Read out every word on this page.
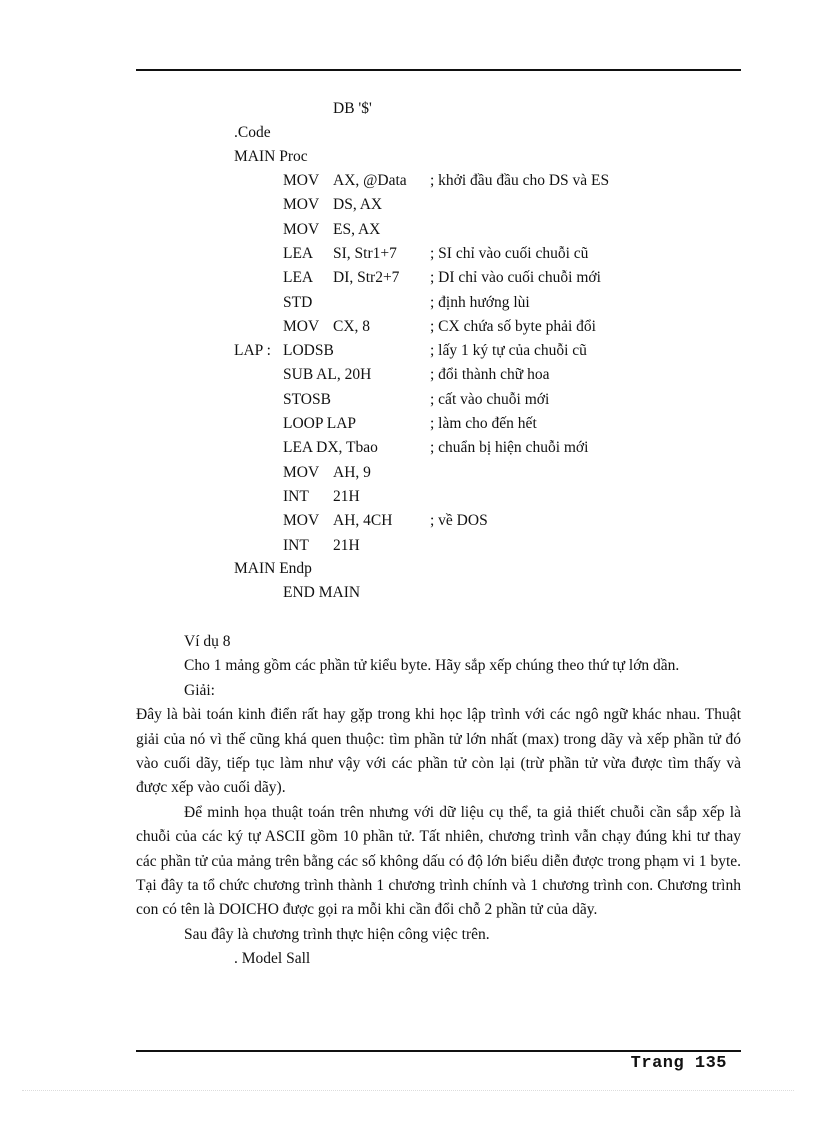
DB '$'
.Code
MAIN Proc
MOV AX, @Data ; khởi đầu đầu cho DS và ES
MOV DS, AX
MOV ES, AX
LEA SI, Str1+7 ; SI chỉ vào cuối chuỗi cũ
LEA DI, Str2+7 ; DI chỉ vào cuối chuỗi mới
STD	; định hướng lùi
MOV CX, 8	; CX chứa số byte phải đổi
LAP : LODSB	; lấy 1 ký tự của chuỗi cũ
SUB AL, 20H	; đổi thành chữ hoa
STOSB	; cất vào chuỗi mới
LOOP LAP	; làm cho đến hết
LEA DX, Tbao	; chuẩn bị hiện chuỗi mới
MOV AH, 9
INT 21H
MOV AH, 4CH ; về DOS
INT 21H
MAIN Endp
END MAIN

Ví dụ 8

Cho 1 mảng gồm các phần tử kiểu byte. Hãy sắp xếp chúng theo thứ tự lớn dần.

Giải:

Đây là bài toán kinh điển rất hay gặp trong khi học lập trình với các ngô ngữ khác nhau. Thuật giải của nó vì thế cũng khá quen thuộc: tìm phần tử lớn nhất (max) trong dãy và xếp phần tử đó vào cuối dãy, tiếp tục làm như vậy với các phần tử còn lại (trừ phần tử vừa được tìm thấy và được xếp vào cuối dãy).

Để minh họa thuật toán trên nhưng với dữ liệu cụ thể, ta giả thiết chuỗi cần sắp xếp là chuỗi của các ký tự ASCII gồm 10 phần tử. Tất nhiên, chương trình vẫn chạy đúng khi tư thay các phần tử của mảng trên bằng các số không dấu có độ lớn biểu diễn được trong phạm vi 1 byte. Tại đây ta tổ chức chương trình thành 1 chương trình chính và 1 chương trình con. Chương trình con có tên là DOICHO được gọi ra mỗi khi cần đổi chỗ 2 phần tử của dãy.

Sau đây là chương trình thực hiện công việc trên.

. Model Sall

Trang 135
